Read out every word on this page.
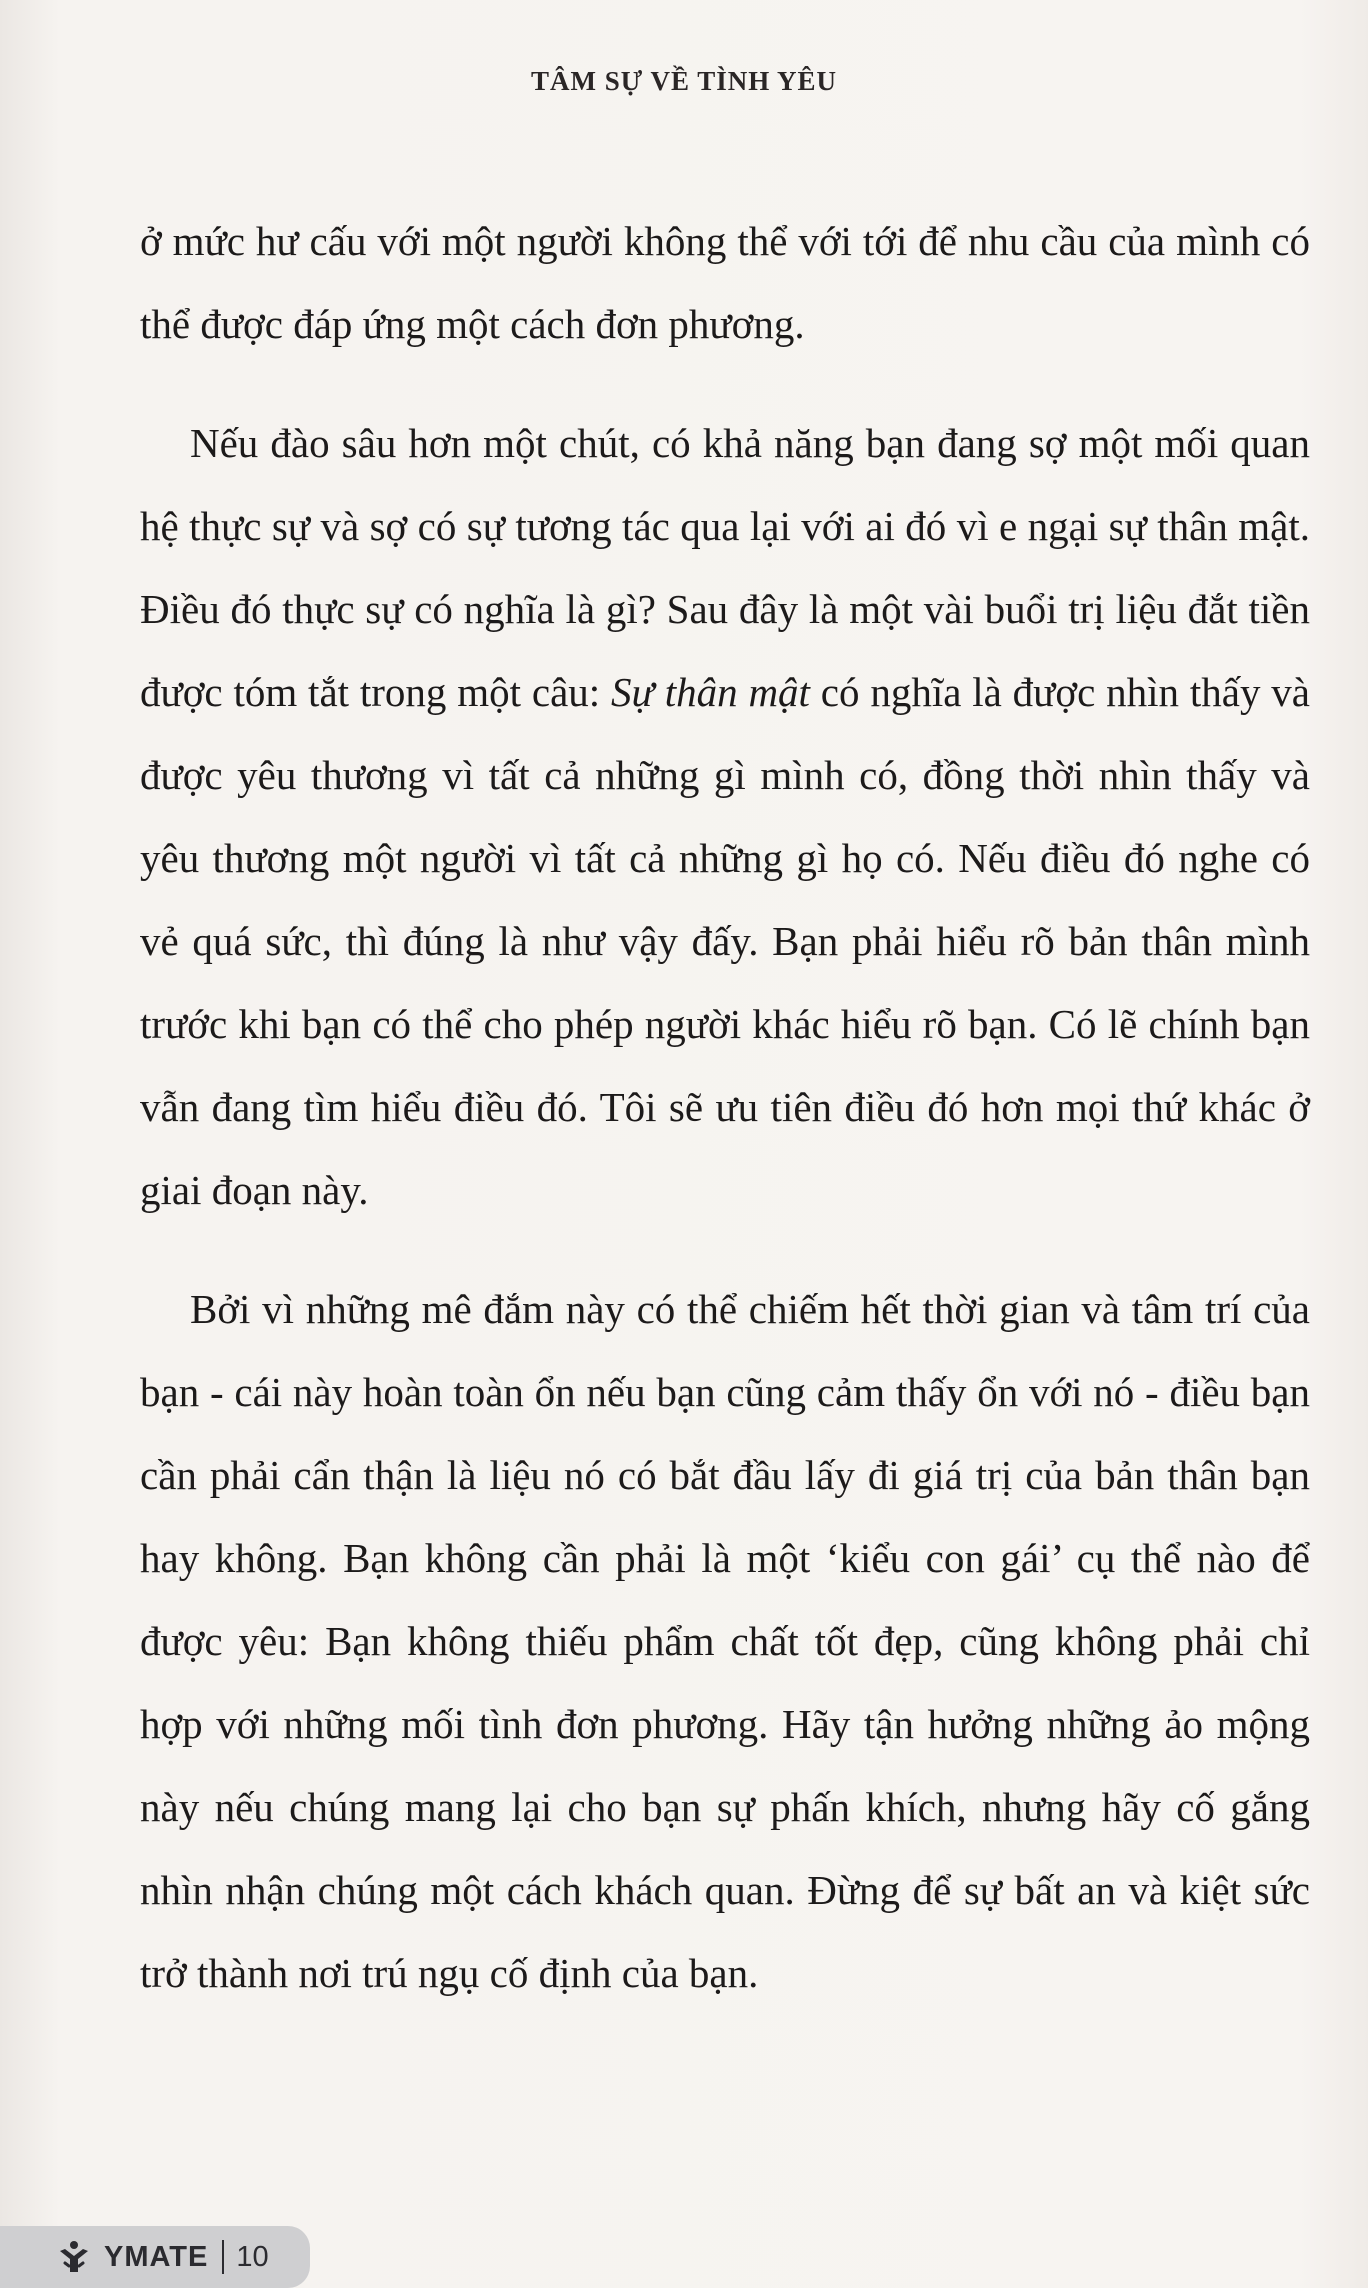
TÂM SỰ VỀ TÌNH YÊU

ở mức hư cấu với một người không thể với tới để nhu cầu của mình có thể được đáp ứng một cách đơn phương.

Nếu đào sâu hơn một chút, có khả năng bạn đang sợ một mối quan hệ thực sự và sợ có sự tương tác qua lại với ai đó vì e ngại sự thân mật. Điều đó thực sự có nghĩa là gì? Sau đây là một vài buổi trị liệu đắt tiền được tóm tắt trong một câu: Sự thân mật có nghĩa là được nhìn thấy và được yêu thương vì tất cả những gì mình có, đồng thời nhìn thấy và yêu thương một người vì tất cả những gì họ có. Nếu điều đó nghe có vẻ quá sức, thì đúng là như vậy đấy. Bạn phải hiểu rõ bản thân mình trước khi bạn có thể cho phép người khác hiểu rõ bạn. Có lẽ chính bạn vẫn đang tìm hiểu điều đó. Tôi sẽ ưu tiên điều đó hơn mọi thứ khác ở giai đoạn này.

Bởi vì những mê đắm này có thể chiếm hết thời gian và tâm trí của bạn - cái này hoàn toàn ổn nếu bạn cũng cảm thấy ổn với nó - điều bạn cần phải cẩn thận là liệu nó có bắt đầu lấy đi giá trị của bản thân bạn hay không. Bạn không cần phải là một ‘kiểu con gái’ cụ thể nào để được yêu: Bạn không thiếu phẩm chất tốt đẹp, cũng không phải chỉ hợp với những mối tình đơn phương. Hãy tận hưởng những ảo mộng này nếu chúng mang lại cho bạn sự phấn khích, nhưng hãy cố gắng nhìn nhận chúng một cách khách quan. Đừng để sự bất an và kiệt sức trở thành nơi trú ngụ cố định của bạn.

YMATE 10
